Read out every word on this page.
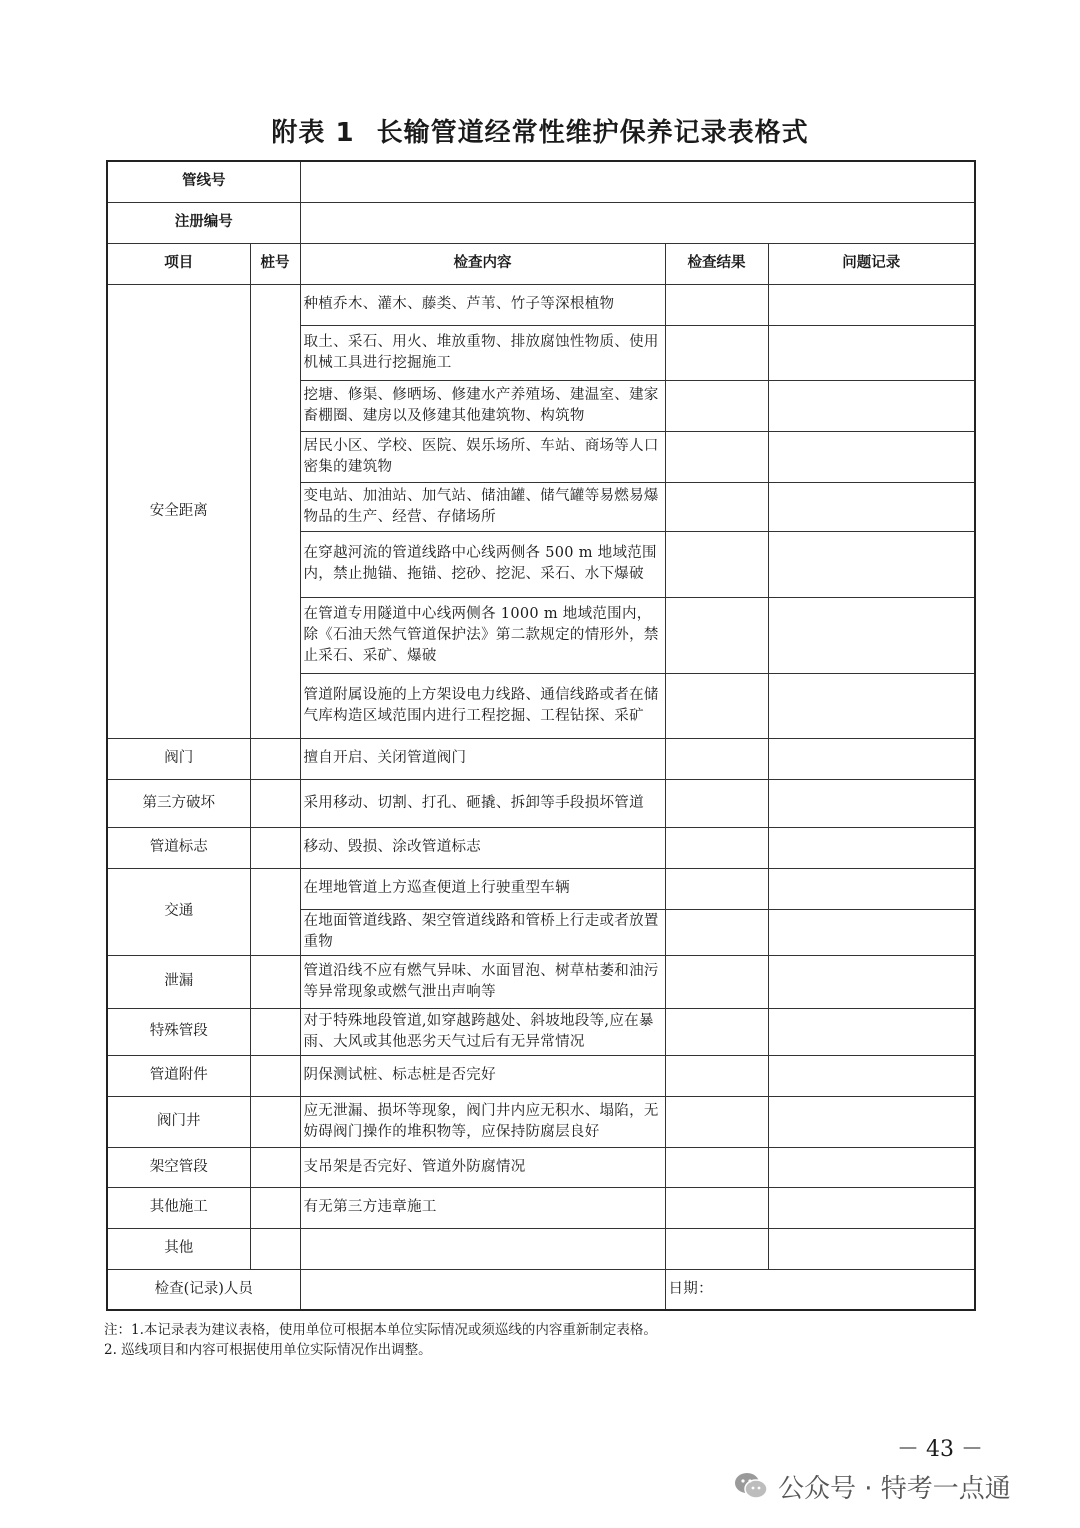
附表 1 长输管道经常性维护保养记录表格式
管线号				
注册编号				
项目	桩号	检查内容	检查结果	问题记录
安全距离		种植乔木、灌木、藤类、芦苇、竹子等深根植物		
		取土、采石、用火、堆放重物、排放腐蚀性物质、使用机械工具进行挖掘施工		
		挖塘、修渠、修晒场、修建水产养殖场、建温室、建家畜棚圈、建房以及修建其他建筑物、构筑物		
		居民小区、学校、医院、娱乐场所、车站、商场等人口密集的建筑物		
		变电站、加油站、加气站、储油罐、储气罐等易燃易爆物品的生产、经营、存储场所		
		在穿越河流的管道线路中心线两侧各 500 m 地域范围内，禁止抛锚、拖锚、挖砂、挖泥、采石、水下爆破		
		在管道专用隧道中心线两侧各 1000 m 地域范围内，除《石油天然气管道保护法》第二款规定的情形外，禁止采石、采矿、爆破		
		管道附属设施的上方架设电力线路、通信线路或者在储气库构造区域范围内进行工程挖掘、工程钻探、采矿		
阀门		擅自开启、关闭管道阀门		
第三方破坏		采用移动、切割、打孔、砸撬、拆卸等手段损坏管道		
管道标志		移动、毁损、涂改管道标志		
交通		在埋地管道上方巡查便道上行驶重型车辆		
		在地面管道线路、架空管道线路和管桥上行走或者放置重物		
泄漏		管道沿线不应有燃气异味、水面冒泡、树草枯萎和油污等异常现象或燃气泄出声响等		
特殊管段		对于特殊地段管道,如穿越跨越处、斜坡地段等,应在暴雨、大风或其他恶劣天气过后有无异常情况		
管道附件		阴保测试桩、标志桩是否完好		
阀门井		应无泄漏、损坏等现象，阀门井内应无积水、塌陷，无妨碍阀门操作的堆积物等，应保持防腐层良好		
架空管段		支吊架是否完好、管道外防腐情况		
其他施工		有无第三方违章施工		
其他				
检查(记录)人员			日期：	
注：1.本记录表为建议表格，使用单位可根据本单位实际情况或须巡线的内容重新制定表格。
2. 巡线项目和内容可根据使用单位实际情况作出调整。
－ 43 －
公众号 · 特考一点通
